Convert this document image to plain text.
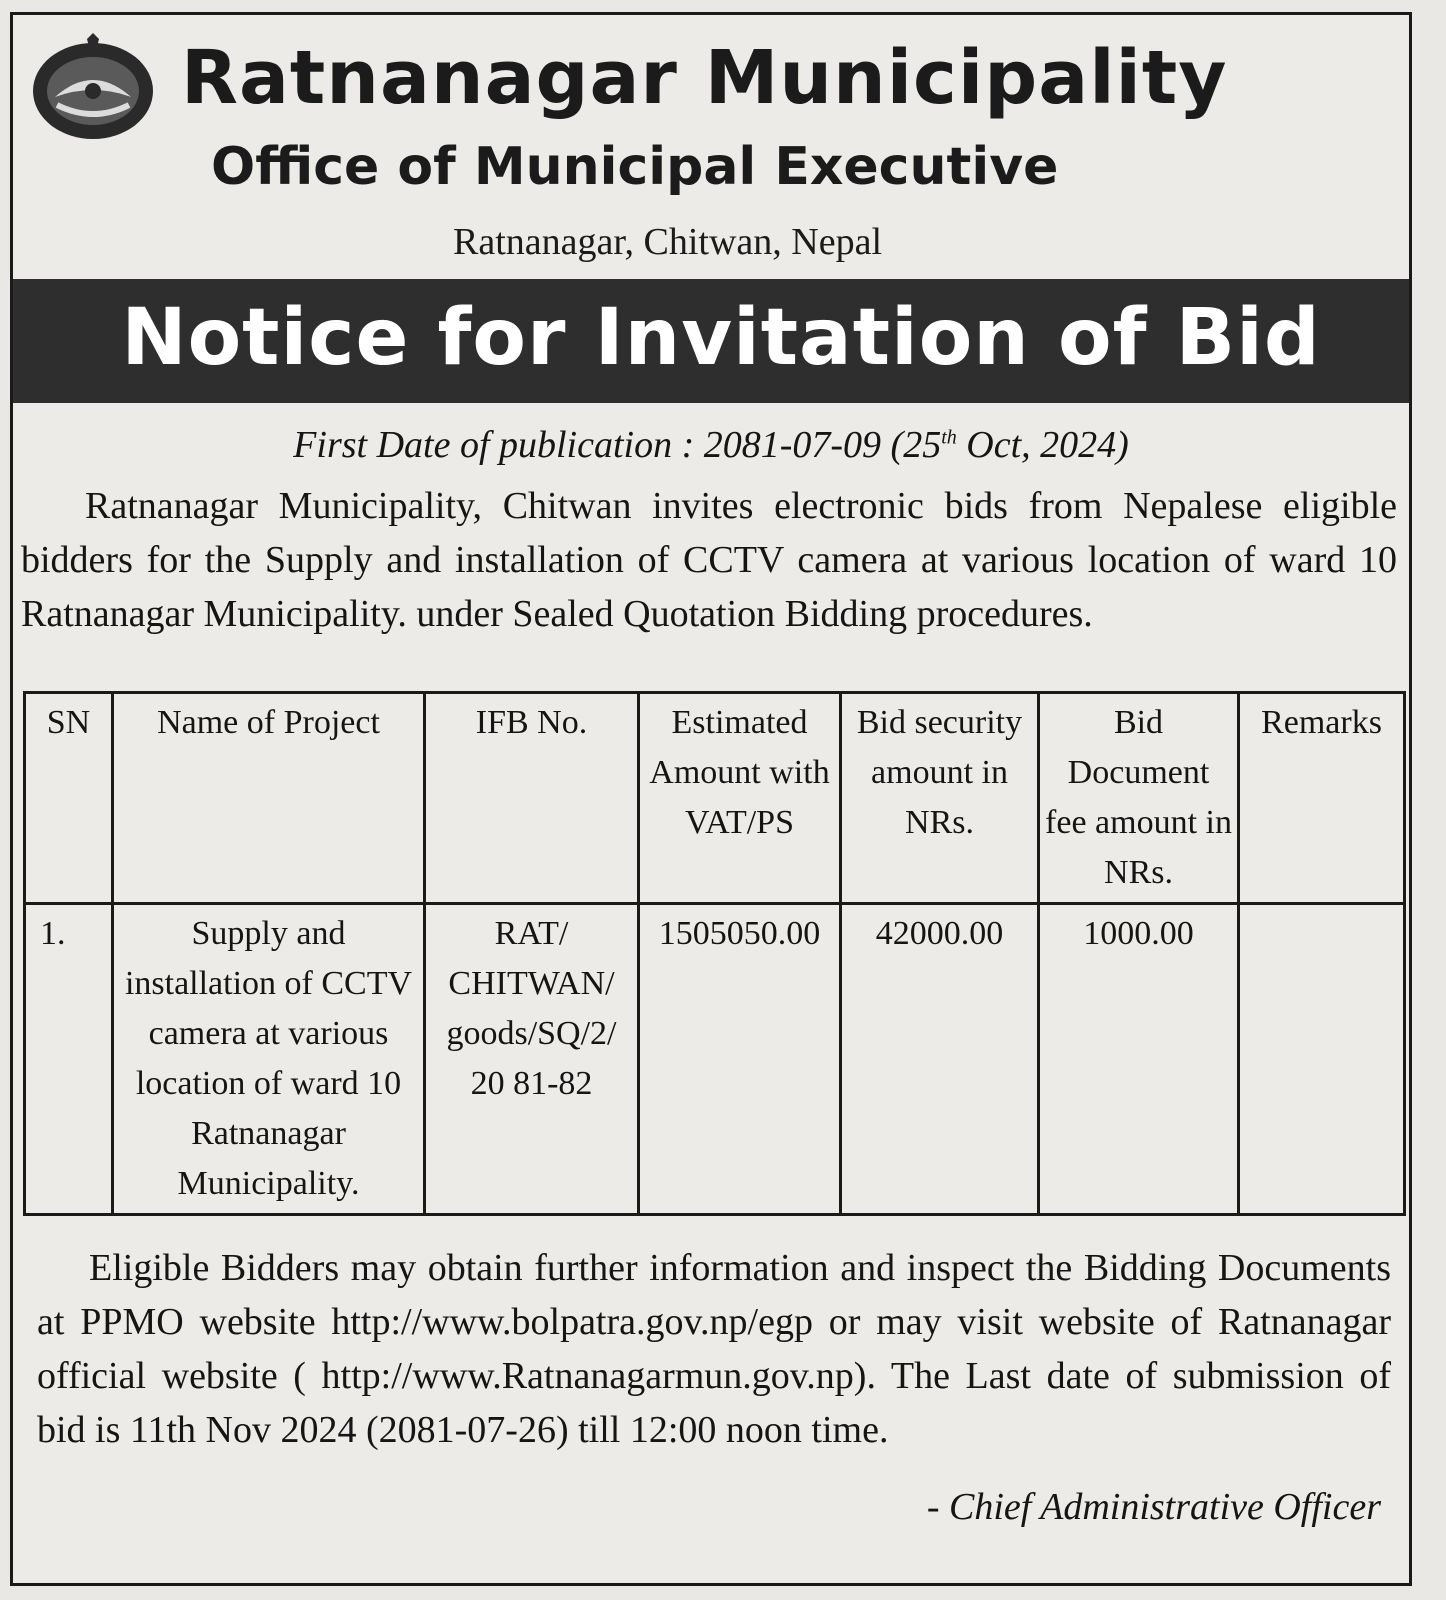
Ratnanagar Municipality
Office of Municipal Executive
Ratnanagar, Chitwan, Nepal
Notice for Invitation of Bid
First Date of publication : 2081-07-09 (25th Oct, 2024)
Ratnanagar Municipality, Chitwan invites electronic bids from Nepalese eligible bidders for the Supply and installation of CCTV camera at various location of ward 10 Ratnanagar Municipality. under Sealed Quotation Bidding procedures.
SN	Name of Project	IFB No.	Estimated Amount with VAT/PS	Bid security amount in NRs.	Bid Document fee amount in NRs.	Remarks
1.	Supply and installation of CCTV camera at various location of ward 10 Ratnanagar Municipality.	RAT/ CHITWAN/ goods/SQ/2/ 20 81-82	1505050.00	42000.00	1000.00	
Eligible Bidders may obtain further information and inspect the Bidding Documents at PPMO website http://www.bolpatra.gov.np/egp or may visit website of Ratnanagar official website ( http://www.Ratnanagarmun.gov.np). The Last date of submission of bid is 11th Nov 2024 (2081-07-26) till 12:00 noon time.
- Chief Administrative Officer
